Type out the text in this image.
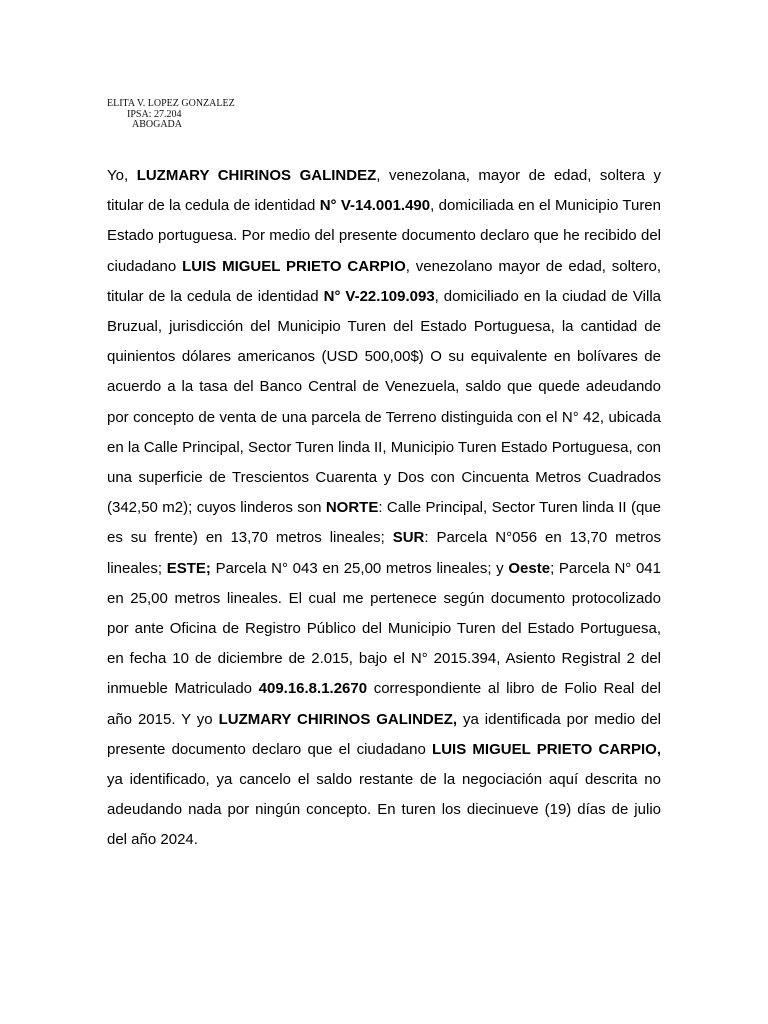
ELITA V. LOPEZ GONZALEZ
IPSA: 27.204
ABOGADA

Yo, LUZMARY CHIRINOS GALINDEZ, venezolana, mayor de edad, soltera y titular de la cedula de identidad N° V-14.001.490, domiciliada en el Municipio Turen Estado portuguesa. Por medio del presente documento declaro que he recibido del ciudadano LUIS MIGUEL PRIETO CARPIO, venezolano mayor de edad, soltero, titular de la cedula de identidad N° V-22.109.093, domiciliado en la ciudad de Villa Bruzual, jurisdicción del Municipio Turen del Estado Portuguesa, la cantidad de quinientos dólares americanos (USD 500,00$) O su equivalente en bolívares de acuerdo a la tasa del Banco Central de Venezuela, saldo que quede adeudando por concepto de venta de una parcela de Terreno distinguida con el N° 42, ubicada en la Calle Principal, Sector Turen linda II, Municipio Turen Estado Portuguesa, con una superficie de Trescientos Cuarenta y Dos con Cincuenta Metros Cuadrados (342,50 m2); cuyos linderos son NORTE: Calle Principal, Sector Turen linda II (que es su frente) en 13,70 metros lineales; SUR: Parcela N°056 en 13,70 metros lineales; ESTE; Parcela N° 043 en 25,00 metros lineales; y Oeste; Parcela N° 041 en 25,00 metros lineales. El cual me pertenece según documento protocolizado por ante Oficina de Registro Público del Municipio Turen del Estado Portuguesa, en fecha 10 de diciembre de 2.015, bajo el N° 2015.394, Asiento Registral 2 del inmueble Matriculado 409.16.8.1.2670 correspondiente al libro de Folio Real del año 2015. Y yo LUZMARY CHIRINOS GALINDEZ, ya identificada por medio del presente documento declaro que el ciudadano LUIS MIGUEL PRIETO CARPIO, ya identificado, ya cancelo el saldo restante de la negociación aquí descrita no adeudando nada por ningún concepto. En turen los diecinueve (19) días de julio del año 2024.
